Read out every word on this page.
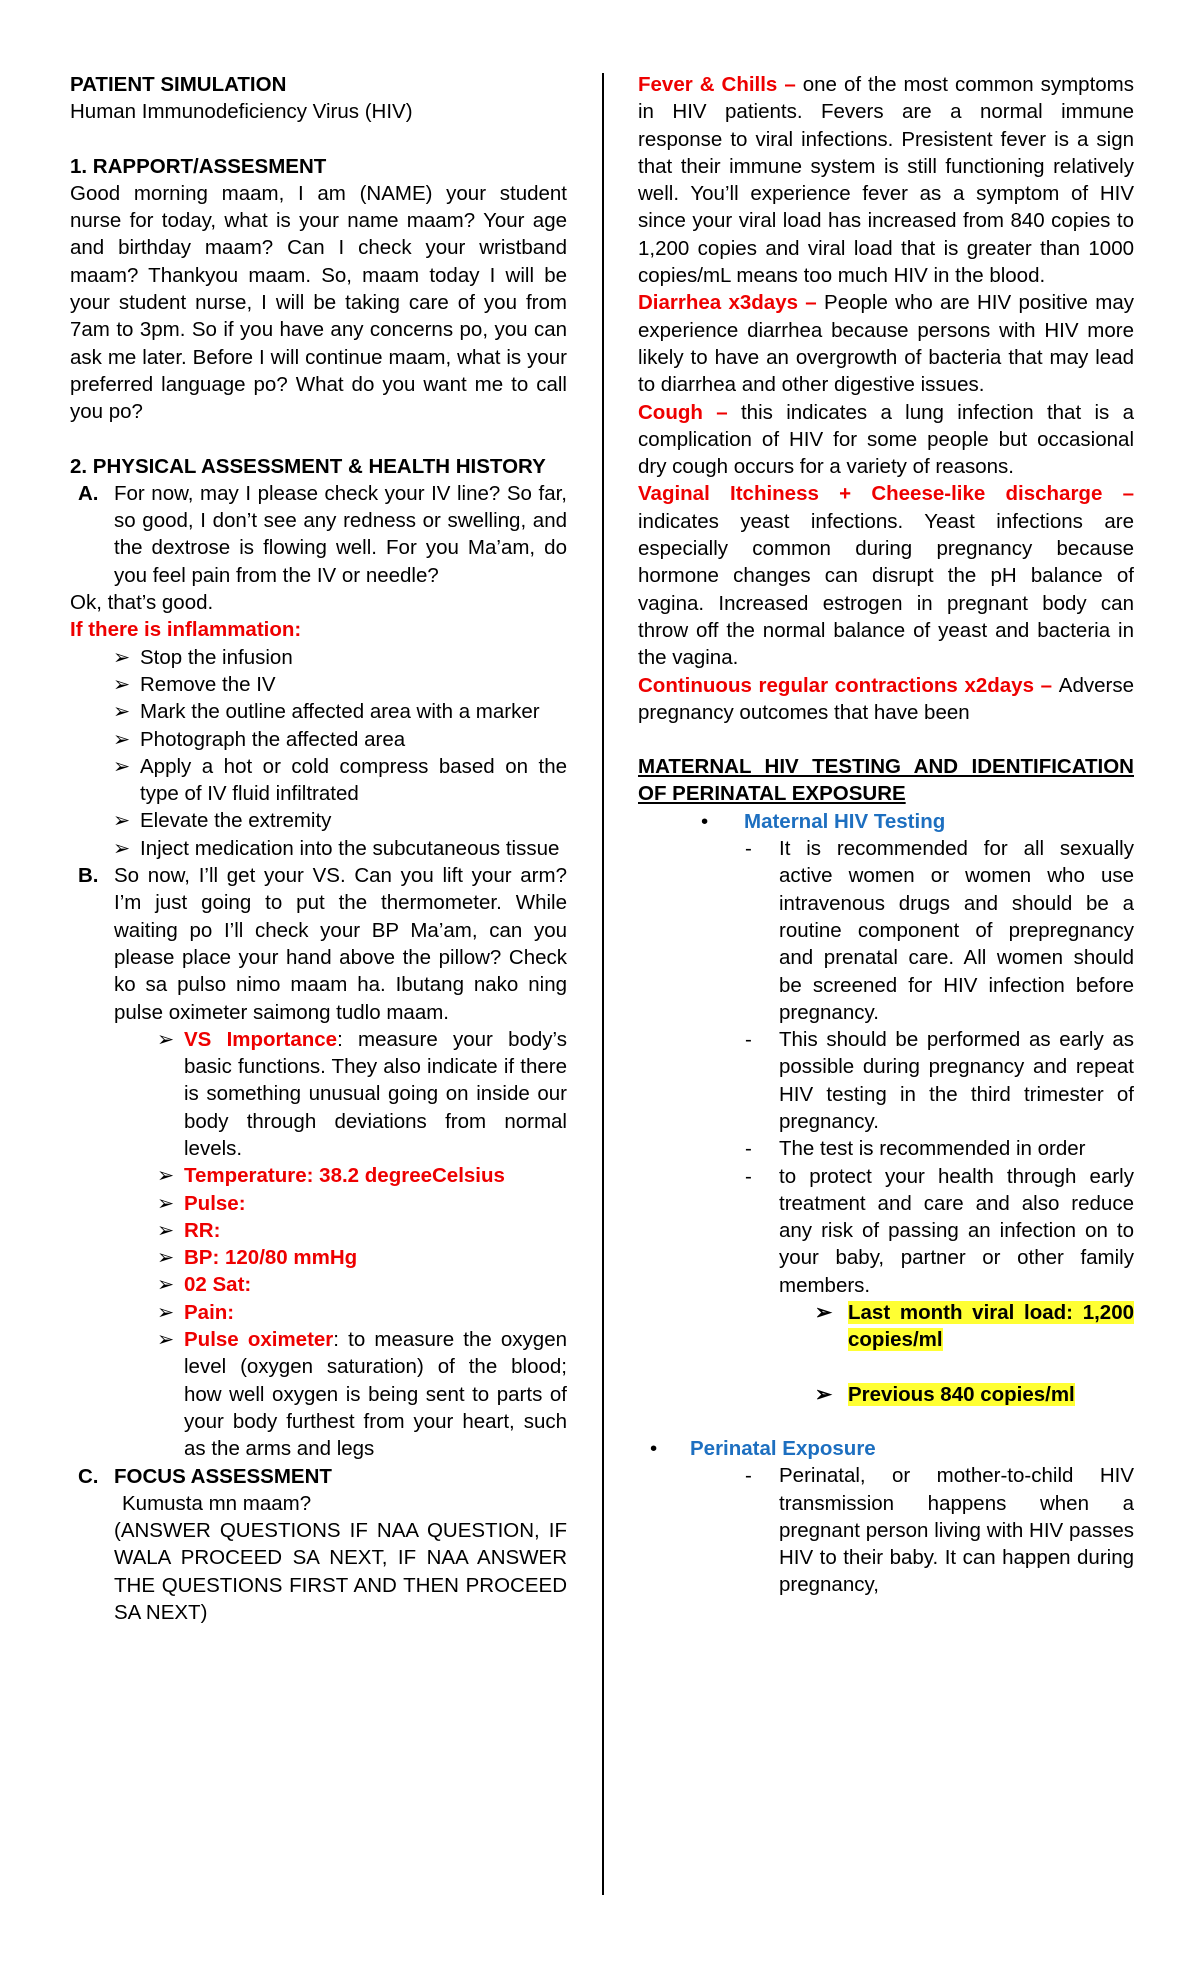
PATIENT SIMULATION

Human Immunodeficiency Virus (HIV)

1. RAPPORT/ASSESMENT

Good morning maam, I am (NAME) your student nurse for today, what is your name maam? Your age and birthday maam? Can I check your wristband maam? Thankyou maam. So, maam today I will be your student nurse, I will be taking care of you from 7am to 3pm. So if you have any concerns po, you can ask me later. Before I will continue maam, what is your preferred language po? What do you want me to call you po?

2. PHYSICAL ASSESSMENT & HEALTH HISTORY

A. For now, may I please check your IV line? So far, so good, I don’t see any redness or swelling, and the dextrose is flowing well. For you Ma’am, do you feel pain from the IV or needle?

Ok, that’s good.

If there is inflammation:

➢ Stop the infusion
➢ Remove the IV
➢ Mark the outline affected area with a marker
➢ Photograph the affected area
➢ Apply a hot or cold compress based on the type of IV fluid infiltrated
➢ Elevate the extremity
➢ Inject medication into the subcutaneous tissue
B. So now, I’ll get your VS. Can you lift your arm? I’m just going to put the thermometer. While waiting po I’ll check your BP Ma’am, can you please place your hand above the pillow? Check ko sa pulso nimo maam ha. Ibutang nako ning pulse oximeter saimong tudlo maam.
➢ VS Importance: measure your body’s basic functions. They also indicate if there is something unusual going on inside our body through deviations from normal levels.
➢ Temperature: 38.2 degreeCelsius
➢ Pulse:
➢ RR:
➢ BP: 120/80 mmHg
➢ 02 Sat:
➢ Pain:
➢ Pulse oximeter: to measure the oxygen level (oxygen saturation) of the blood; how well oxygen is being sent to parts of your body furthest from your heart, such as the arms and legs
C. FOCUS ASSESSMENT

Kumusta mn maam?

(ANSWER QUESTIONS IF NAA QUESTION, IF WALA PROCEED SA NEXT, IF NAA ANSWER THE QUESTIONS FIRST AND THEN PROCEED SA NEXT)

Fever & Chills – one of the most common symptoms in HIV patients. Fevers are a normal immune response to viral infections. Presistent fever is a sign that their immune system is still functioning relatively well. You’ll experience fever as a symptom of HIV since your viral load has increased from 840 copies to 1,200 copies and viral load that is greater than 1000 copies/mL means too much HIV in the blood.

Diarrhea x3days – People who are HIV positive may experience diarrhea because persons with HIV more likely to have an overgrowth of bacteria that may lead to diarrhea and other digestive issues.

Cough – this indicates a lung infection that is a complication of HIV for some people but occasional dry cough occurs for a variety of reasons.

Vaginal Itchiness + Cheese-like discharge – indicates yeast infections. Yeast infections are especially common during pregnancy because hormone changes can disrupt the pH balance of vagina. Increased estrogen in pregnant body can throw off the normal balance of yeast and bacteria in the vagina.

Continuous regular contractions x2days – Adverse pregnancy outcomes that have been

MATERNAL HIV TESTING AND IDENTIFICATION OF PERINATAL EXPOSURE

• Maternal HIV Testing
- It is recommended for all sexually active women or women who use intravenous drugs and should be a routine component of prepregnancy and prenatal care. All women should be screened for HIV infection before pregnancy.
- This should be performed as early as possible during pregnancy and repeat HIV testing in the third trimester of pregnancy.
- The test is recommended in order
- to protect your health through early treatment and care and also reduce any risk of passing an infection on to your baby, partner or other family members.
➢ Last month viral load: 1,200 copies/ml
➢ Previous 840 copies/ml
• Perinatal Exposure
- Perinatal, or mother-to-child HIV transmission happens when a pregnant person living with HIV passes HIV to their baby. It can happen during pregnancy,
